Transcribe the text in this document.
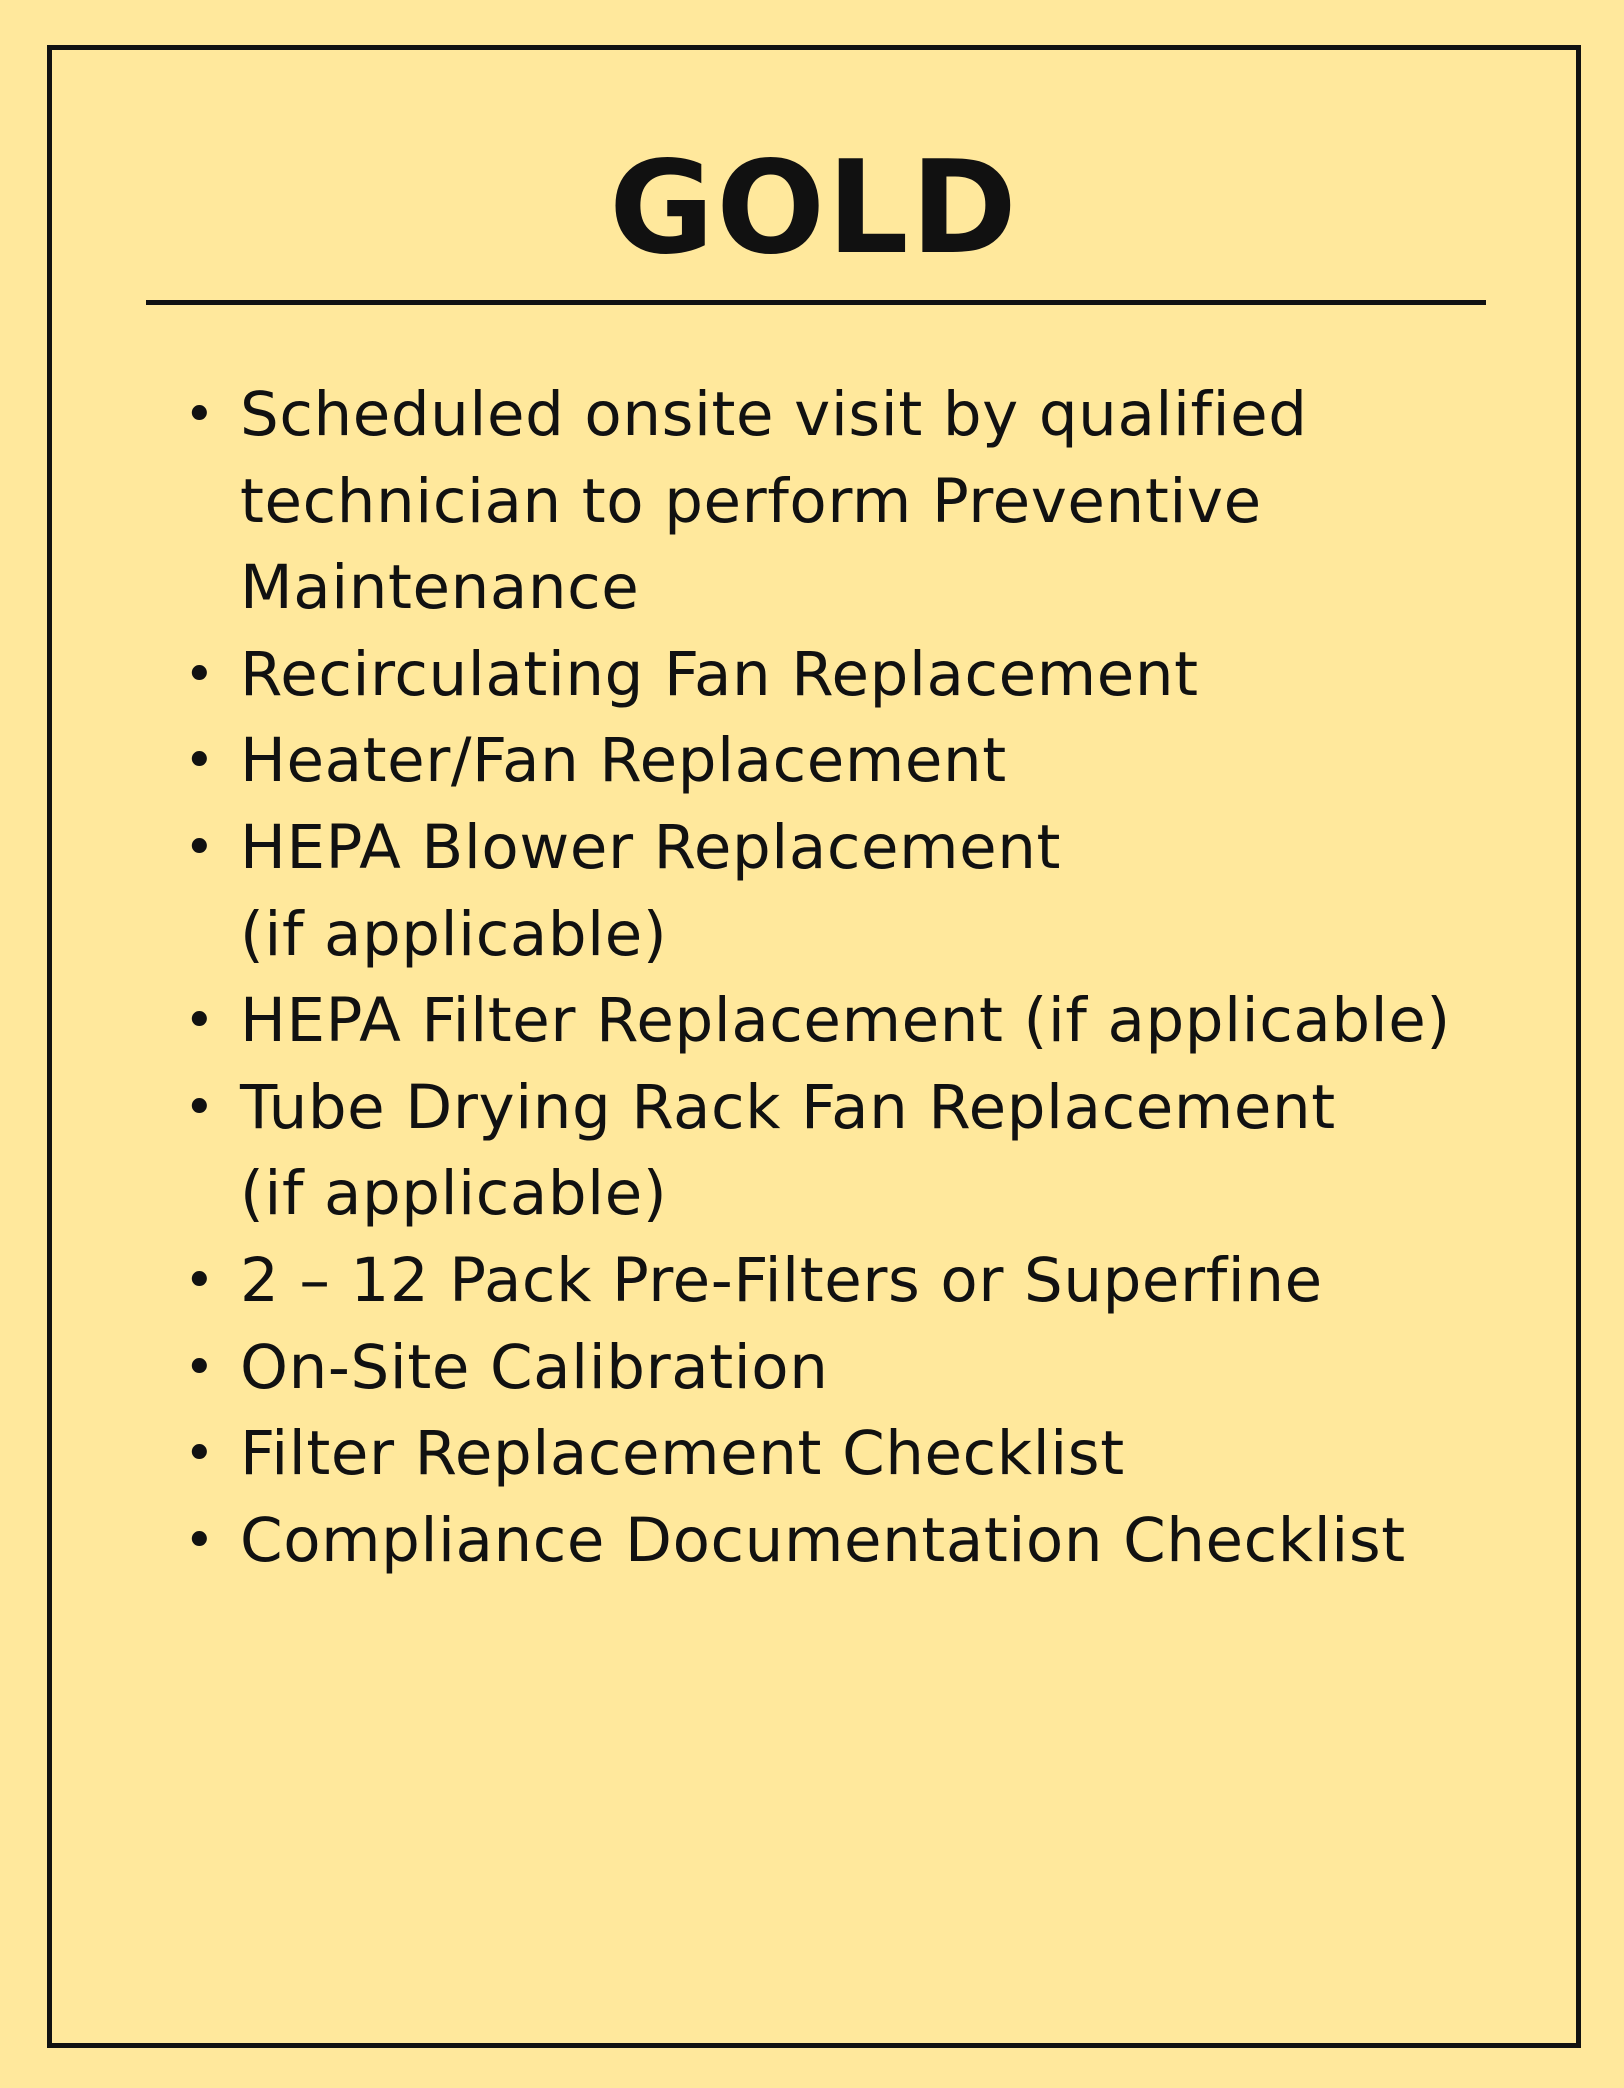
GOLD
• Scheduled onsite visit by qualified
technician to perform Preventive
Maintenance
• Recirculating Fan Replacement
• Heater/Fan Replacement
• HEPA Blower Replacement
(if applicable)
• HEPA Filter Replacement (if applicable)
• Tube Drying Rack Fan Replacement
(if applicable)
• 2 – 12 Pack Pre-Filters or Superfine
• On-Site Calibration
• Filter Replacement Checklist
• Compliance Documentation Checklist
